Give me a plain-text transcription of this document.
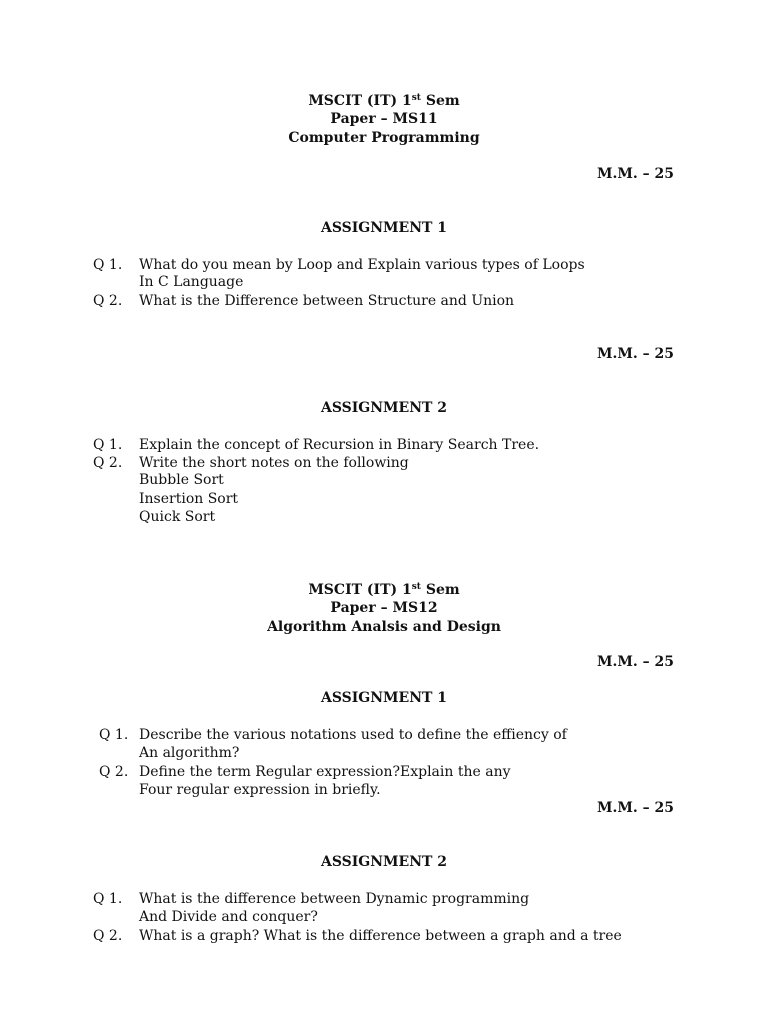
MSCIT (IT) 1st Sem
Paper – MS11
Computer Programming
M.M. – 25
ASSIGNMENT 1
Q 1. What do you mean by Loop and Explain various types of Loops
In C Language
Q 2. What is the Difference between Structure and Union
M.M. – 25
ASSIGNMENT 2
Q 1. Explain the concept of Recursion in Binary Search Tree.
Q 2. Write the short notes on the following
Bubble Sort
Insertion Sort
Quick Sort
MSCIT (IT) 1st Sem
Paper – MS12
Algorithm Analsis and Design
M.M. – 25
ASSIGNMENT 1
Q 1. Describe the various notations used to define the effiency of
An algorithm?
Q 2. Define the term Regular expression?Explain the any
Four regular expression in briefly.
M.M. – 25
ASSIGNMENT 2
Q 1. What is the difference between Dynamic programming
And Divide and conquer?
Q 2. What is a graph? What is the difference between a graph and a tree
